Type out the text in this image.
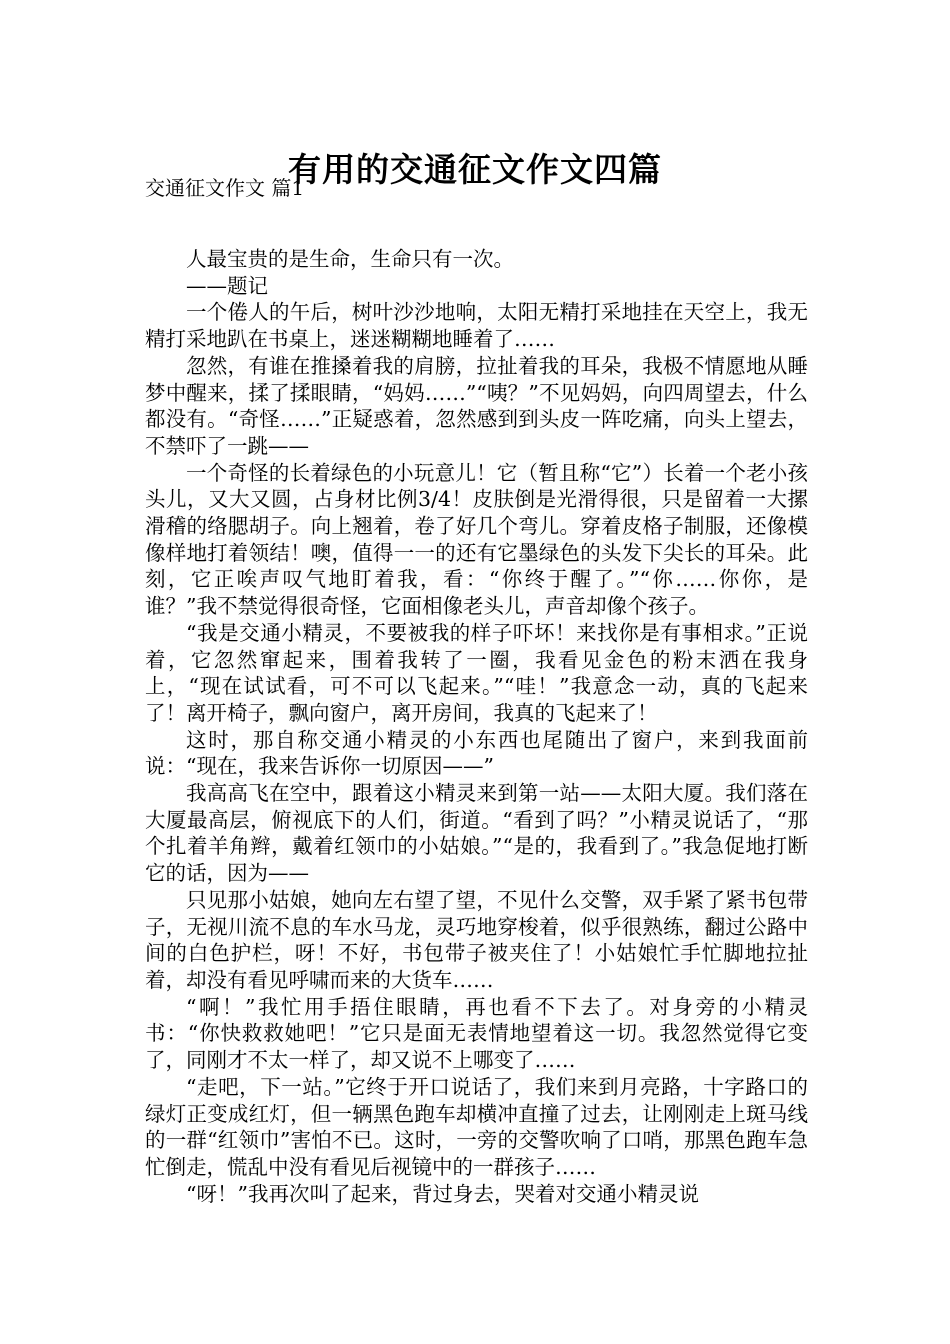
有用的交通征文作文四篇
交通征文作文 篇1

人最宝贵的是生命，生命只有一次。

——题记

一个倦人的午后，树叶沙沙地响，太阳无精打采地挂在天空上，我无精打采地趴在书桌上，迷迷糊糊地睡着了……

忽然，有谁在推搡着我的肩膀，拉扯着我的耳朵，我极不情愿地从睡梦中醒来，揉了揉眼睛，“妈妈……”“咦？”不见妈妈，向四周望去，什么都没有。“奇怪……”正疑惑着，忽然感到到头皮一阵吃痛，向头上望去，不禁吓了一跳——

一个奇怪的长着绿色的小玩意儿！它（暂且称“它”）长着一个老小孩头儿，又大又圆，占身材比例3/4！皮肤倒是光滑得很，只是留着一大摞滑稽的络腮胡子。向上翘着，卷了好几个弯儿。穿着皮格子制服，还像模像样地打着领结！噢，值得一一的还有它墨绿色的头发下尖长的耳朵。此刻，它正唉声叹气地盯着我，看：“你终于醒了。”“你……你你，是谁？”我不禁觉得很奇怪，它面相像老头儿，声音却像个孩子。

“我是交通小精灵，不要被我的样子吓坏！来找你是有事相求。”正说着，它忽然窜起来，围着我转了一圈，我看见金色的粉末洒在我身上，“现在试试看，可不可以飞起来。”“哇！”我意念一动，真的飞起来了！离开椅子，飘向窗户，离开房间，我真的飞起来了！

这时，那自称交通小精灵的小东西也尾随出了窗户，来到我面前说：“现在，我来告诉你一切原因——”

我高高飞在空中，跟着这小精灵来到第一站——太阳大厦。我们落在大厦最高层，俯视底下的人们，街道。“看到了吗？”小精灵说话了，“那个扎着羊角辫，戴着红领巾的小姑娘。”“是的，我看到了。”我急促地打断它的话，因为——

只见那小姑娘，她向左右望了望，不见什么交警，双手紧了紧书包带子，无视川流不息的车水马龙，灵巧地穿梭着，似乎很熟练，翻过公路中间的白色护栏，呀！不好，书包带子被夹住了！小姑娘忙手忙脚地拉扯着，却没有看见呼啸而来的大货车……

“啊！”我忙用手捂住眼睛，再也看不下去了。对身旁的小精灵书：“你快救救她吧！”它只是面无表情地望着这一切。我忽然觉得它变了，同刚才不太一样了，却又说不上哪变了……

“走吧，下一站。”它终于开口说话了，我们来到月亮路，十字路口的绿灯正变成红灯，但一辆黑色跑车却横冲直撞了过去，让刚刚走上斑马线的一群“红领巾”害怕不已。这时，一旁的交警吹响了口哨，那黑色跑车急忙倒走，慌乱中没有看见后视镜中的一群孩子……

“呀！”我再次叫了起来，背过身去，哭着对交通小精灵说
